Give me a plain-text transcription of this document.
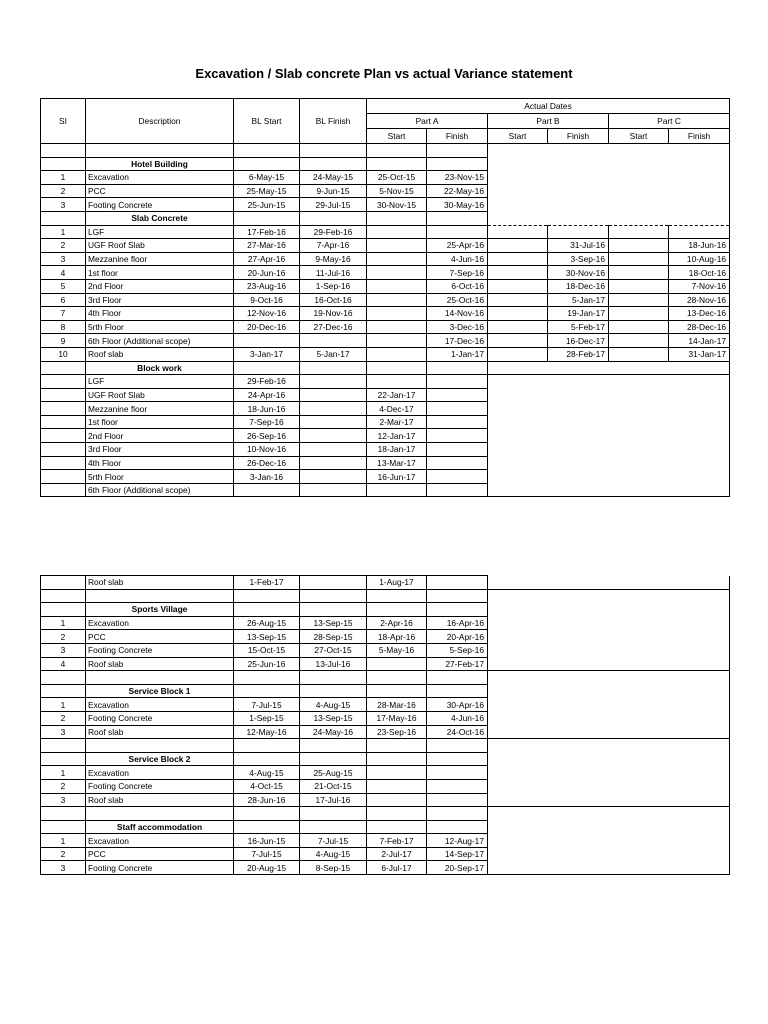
Excavation / Slab concrete Plan vs actual Variance statement
SI	Description	BL Start	BL Finish	Actual Dates					
				Part A		Part B		Part C	
				Start	Finish	Start	Finish	Start	Finish

	Hotel Building								
1	Excavation	6-May-15	24-May-15	25-Oct-15	23-Nov-15				
2	PCC	25-May-15	9-Jun-15	5-Nov-15	22-May-16				
3	Footing Concrete	25-Jun-15	29-Jul-15	30-Nov-15	30-May-16				
	Slab Concrete								
1	LGF	17-Feb-16	29-Feb-16						
2	UGF Roof Slab	27-Mar-16	7-Apr-16		25-Apr-16		31-Jul-16		18-Jun-16
3	Mezzanine floor	27-Apr-16	9-May-16		4-Jun-16		3-Sep-16		10-Aug-16
4	1st floor	20-Jun-16	11-Jul-16		7-Sep-16		30-Nov-16		18-Oct-16
5	2nd Floor	23-Aug-16	1-Sep-16		6-Oct-16		18-Dec-16		7-Nov-16
6	3rd Floor	9-Oct-16	16-Oct-16		25-Oct-16		5-Jan-17		28-Nov-16
7	4th Floor	12-Nov-16	19-Nov-16		14-Nov-16		19-Jan-17		13-Dec-16
8	5rth Floor	20-Dec-16	27-Dec-16		3-Dec-16		5-Feb-17		28-Dec-16
9	6th Floor (Additional scope)				17-Dec-16		16-Dec-17		14-Jan-17
10	Roof slab	3-Jan-17	5-Jan-17		1-Jan-17		28-Feb-17		31-Jan-17
	Block work								
	LGF	29-Feb-16							
	UGF Roof Slab	24-Apr-16		22-Jan-17					
	Mezzanine floor	18-Jun-16		4-Dec-17					
	1st floor	7-Sep-16		2-Mar-17					
	2nd Floor	26-Sep-16		12-Jan-17					
	3rd Floor	10-Nov-16		18-Jan-17					
	4th Floor	26-Dec-16		13-Mar-17					
	5rth Floor	3-Jan-16		16-Jun-17					
	6th Floor (Additional scope)								
	Roof slab	1-Feb-17		1-Aug-17		

	Sports Village					
1	Excavation	26-Aug-15	13-Sep-15	2-Apr-16	16-Apr-16	
2	PCC	13-Sep-15	28-Sep-15	18-Apr-16	20-Apr-16	
3	Footing Concrete	15-Oct-15	27-Oct-15	5-May-16	5-Sep-16	
4	Roof slab	25-Jun-16	13-Jul-16		27-Feb-17	

	Service Block 1					
1	Excavation	7-Jul-15	4-Aug-15	28-Mar-16	30-Apr-16	
2	Footing Concrete	1-Sep-15	13-Sep-15	17-May-16	4-Jun-16	
3	Roof slab	12-May-16	24-May-16	23-Sep-16	24-Oct-16	

	Service Block 2					
1	Excavation	4-Aug-15	25-Aug-15			
2	Footing Concrete	4-Oct-15	21-Oct-15			
3	Roof slab	28-Jun-16	17-Jul-16			

	Staff accommodation					
1	Excavation	16-Jun-15	7-Jul-15	7-Feb-17	12-Aug-17	
2	PCC	7-Jul-15	4-Aug-15	2-Jul-17	14-Sep-17	
3	Footing Concrete	20-Aug-15	8-Sep-15	6-Jul-17	20-Sep-17	
